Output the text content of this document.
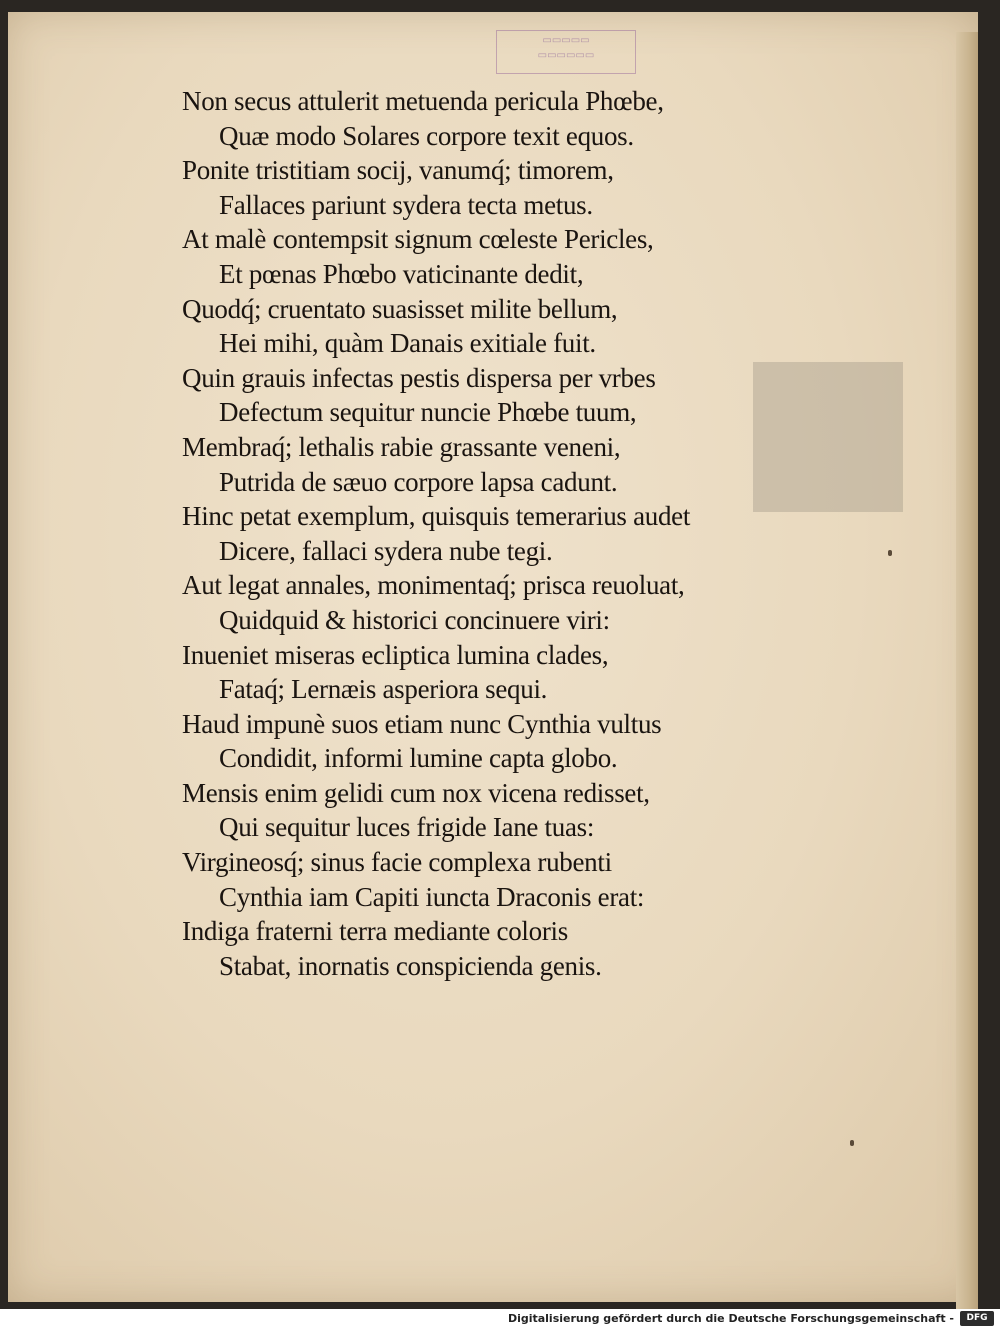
▭▭▭▭▭
▭▭▭▭▭▭
Non secus attulerit metuenda pericula Phœbe,
Quæ modo Solares corpore texit equos.
Ponite tristitiam socij, vanumq́; timorem,
Fallaces pariunt sydera tecta metus.
At malè contempsit signum cœleste Pericles,
Et pœnas Phœbo vaticinante dedit,
Quodq́; cruentato suasisset milite bellum,
Hei mihi, quàm Danais exitiale fuit.
Quin grauis infectas pestis dispersa per vrbes
Defectum sequitur nuncie Phœbe tuum,
Membraq́; lethalis rabie grassante veneni,
Putrida de sæuo corpore lapsa cadunt.
Hinc petat exemplum, quisquis temerarius audet
Dicere, fallaci sydera nube tegi.
Aut legat annales, monimentaq́; prisca reuoluat,
Quidquid & historici concinuere viri:
Inueniet miseras ecliptica lumina clades,
Fataq́; Lernæis asperiora sequi.
Haud impunè suos etiam nunc Cynthia vultus
Condidit, informi lumine capta globo.
Mensis enim gelidi cum nox vicena redisset,
Qui sequitur luces frigide Iane tuas:
Virgineosq́; sinus facie complexa rubenti
Cynthia iam Capiti iuncta Draconis erat:
Indiga fraterni terra mediante coloris
Stabat, inornatis conspicienda genis.
Digitalisierung gefördert durch die Deutsche Forschungsgemeinschaft -	DFG
